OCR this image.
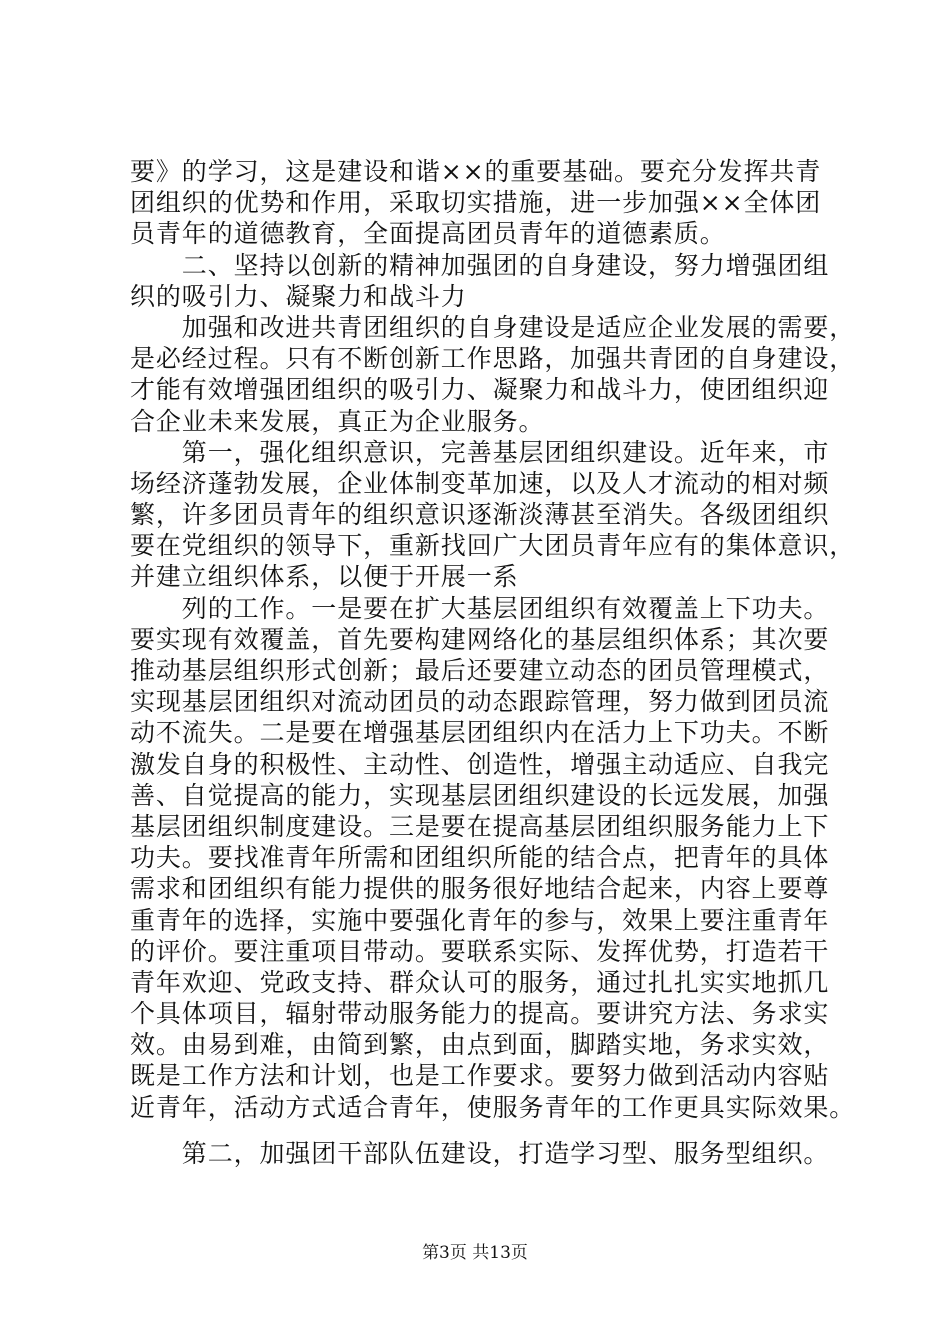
要》的学习，这是建设和谐××的重要基础。要充分发挥共青
团组织的优势和作用，采取切实措施，进一步加强××全体团
员青年的道德教育，全面提高团员青年的道德素质。
　　二、坚持以创新的精神加强团的自身建设，努力增强团组
织的吸引力、凝聚力和战斗力
　　加强和改进共青团组织的自身建设是适应企业发展的需要，
是必经过程。只有不断创新工作思路，加强共青团的自身建设，
才能有效增强团组织的吸引力、凝聚力和战斗力，使团组织迎
合企业未来发展，真正为企业服务。
　　第一，强化组织意识，完善基层团组织建设。近年来，市
场经济蓬勃发展，企业体制变革加速，以及人才流动的相对频
繁，许多团员青年的组织意识逐渐淡薄甚至消失。各级团组织
要在党组织的领导下，重新找回广大团员青年应有的集体意识，
并建立组织体系，以便于开展一系
　　列的工作。一是要在扩大基层团组织有效覆盖上下功夫。
要实现有效覆盖，首先要构建网络化的基层组织体系；其次要
推动基层组织形式创新；最后还要建立动态的团员管理模式，
实现基层团组织对流动团员的动态跟踪管理，努力做到团员流
动不流失。二是要在增强基层团组织内在活力上下功夫。不断
激发自身的积极性、主动性、创造性，增强主动适应、自我完
善、自觉提高的能力，实现基层团组织建设的长远发展，加强
基层团组织制度建设。三是要在提高基层团组织服务能力上下
功夫。要找准青年所需和团组织所能的结合点，把青年的具体
需求和团组织有能力提供的服务很好地结合起来，内容上要尊
重青年的选择，实施中要强化青年的参与，效果上要注重青年
的评价。要注重项目带动。要联系实际、发挥优势，打造若干
青年欢迎、党政支持、群众认可的服务，通过扎扎实实地抓几
个具体项目，辐射带动服务能力的提高。要讲究方法、务求实
效。由易到难，由简到繁，由点到面，脚踏实地，务求实效，
既是工作方法和计划，也是工作要求。要努力做到活动内容贴
近青年，活动方式适合青年，使服务青年的工作更具实际效果。
　　第二，加强团干部队伍建设，打造学习型、服务型组织。
第3页 共13页
